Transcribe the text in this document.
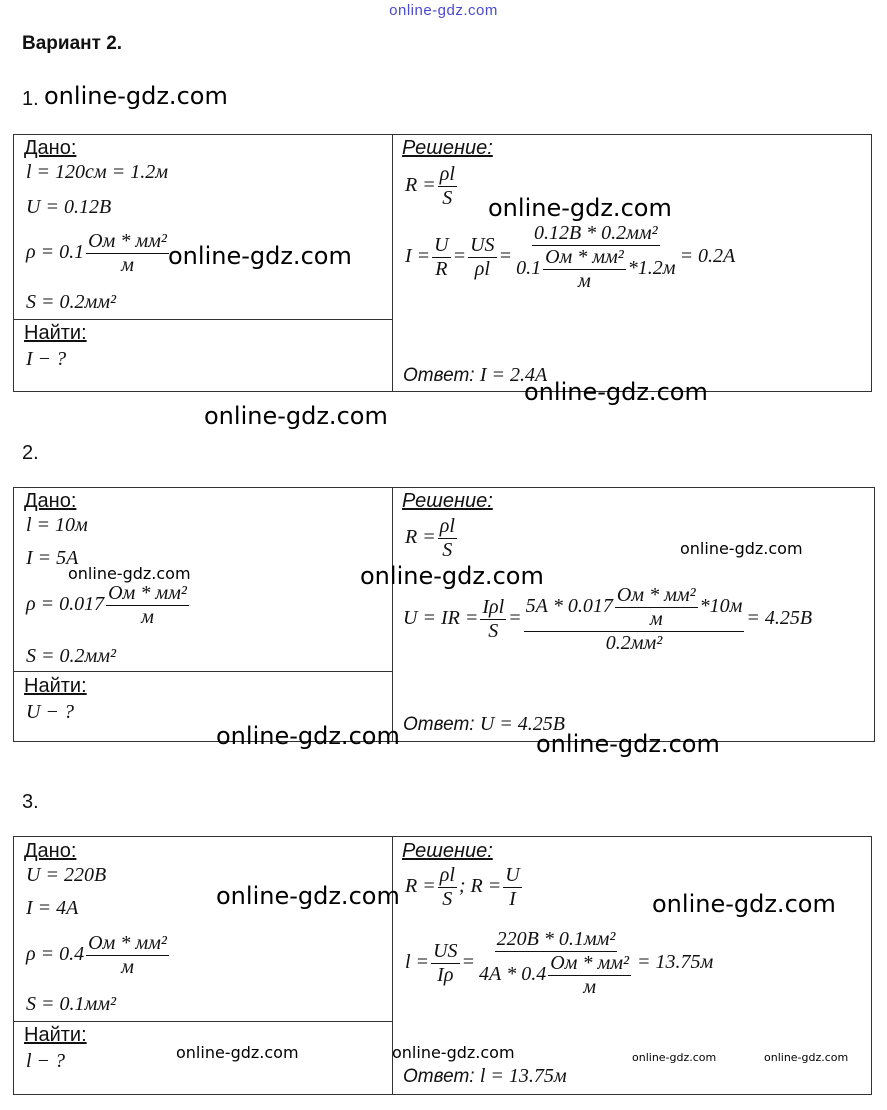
online-gdz.com
Вариант 2.
1. online-gdz.com
Дано:
l = 120см = 1.2м
U = 0.12В
$\rho = 0.1 \frac{\text{Ом * мм²}}{м}$
S = 0.2мм²
Найти:
I − ?
Решение:
$R = \frac{\rho l}{S}$
$I = \frac{U}{R} = \frac{US}{\rho l} = \frac{\text{0.12В * 0.2мм²}}{0.1 \frac{\text{Ом * мм²}}{м} *1.2м} = 0.2А$
Ответ: I = 2.4А
online-gdz.com
online-gdz.com
online-gdz.com
online-gdz.com
2.
Дано:
l = 10м
I = 5А
$\rho = 0.017 \frac{\text{Ом * мм²}}{м}$
S = 0.2мм²
Найти:
U − ?
Решение:
$R = \frac{\rho l}{S}$
U = IR = $\frac{\text{Iρl}}{S} = \frac{5А * 0.017 \frac{\text{Ом * мм²}}{м} *10м}{\text{0.2мм²}} = 4.25В$
Ответ: U = 4.25В
online-gdz.com
online-gdz.com	online-gdz.com
online-gdz.com	online-gdz.com
3.
Дано:
U = 220В
I = 4А
$\rho = 0.4 \frac{\text{Ом * мм²}}{м}$
S = 0.1мм²
Найти:
l − ?
Решение:
$R = \frac{\rho l}{S}$ ; $R = \frac{U}{I}$
$l = \frac{US}{I\rho} = \frac{\text{220В * 0.1мм²}}{4А * 0.4 \frac{\text{Ом * мм²}}{м}} = 13.75м$
Ответ: l = 13.75м
online-gdz.com	online-gdz.com
online-gdz.com	online-gdz.com	online-gdz.com	online-gdz.com
